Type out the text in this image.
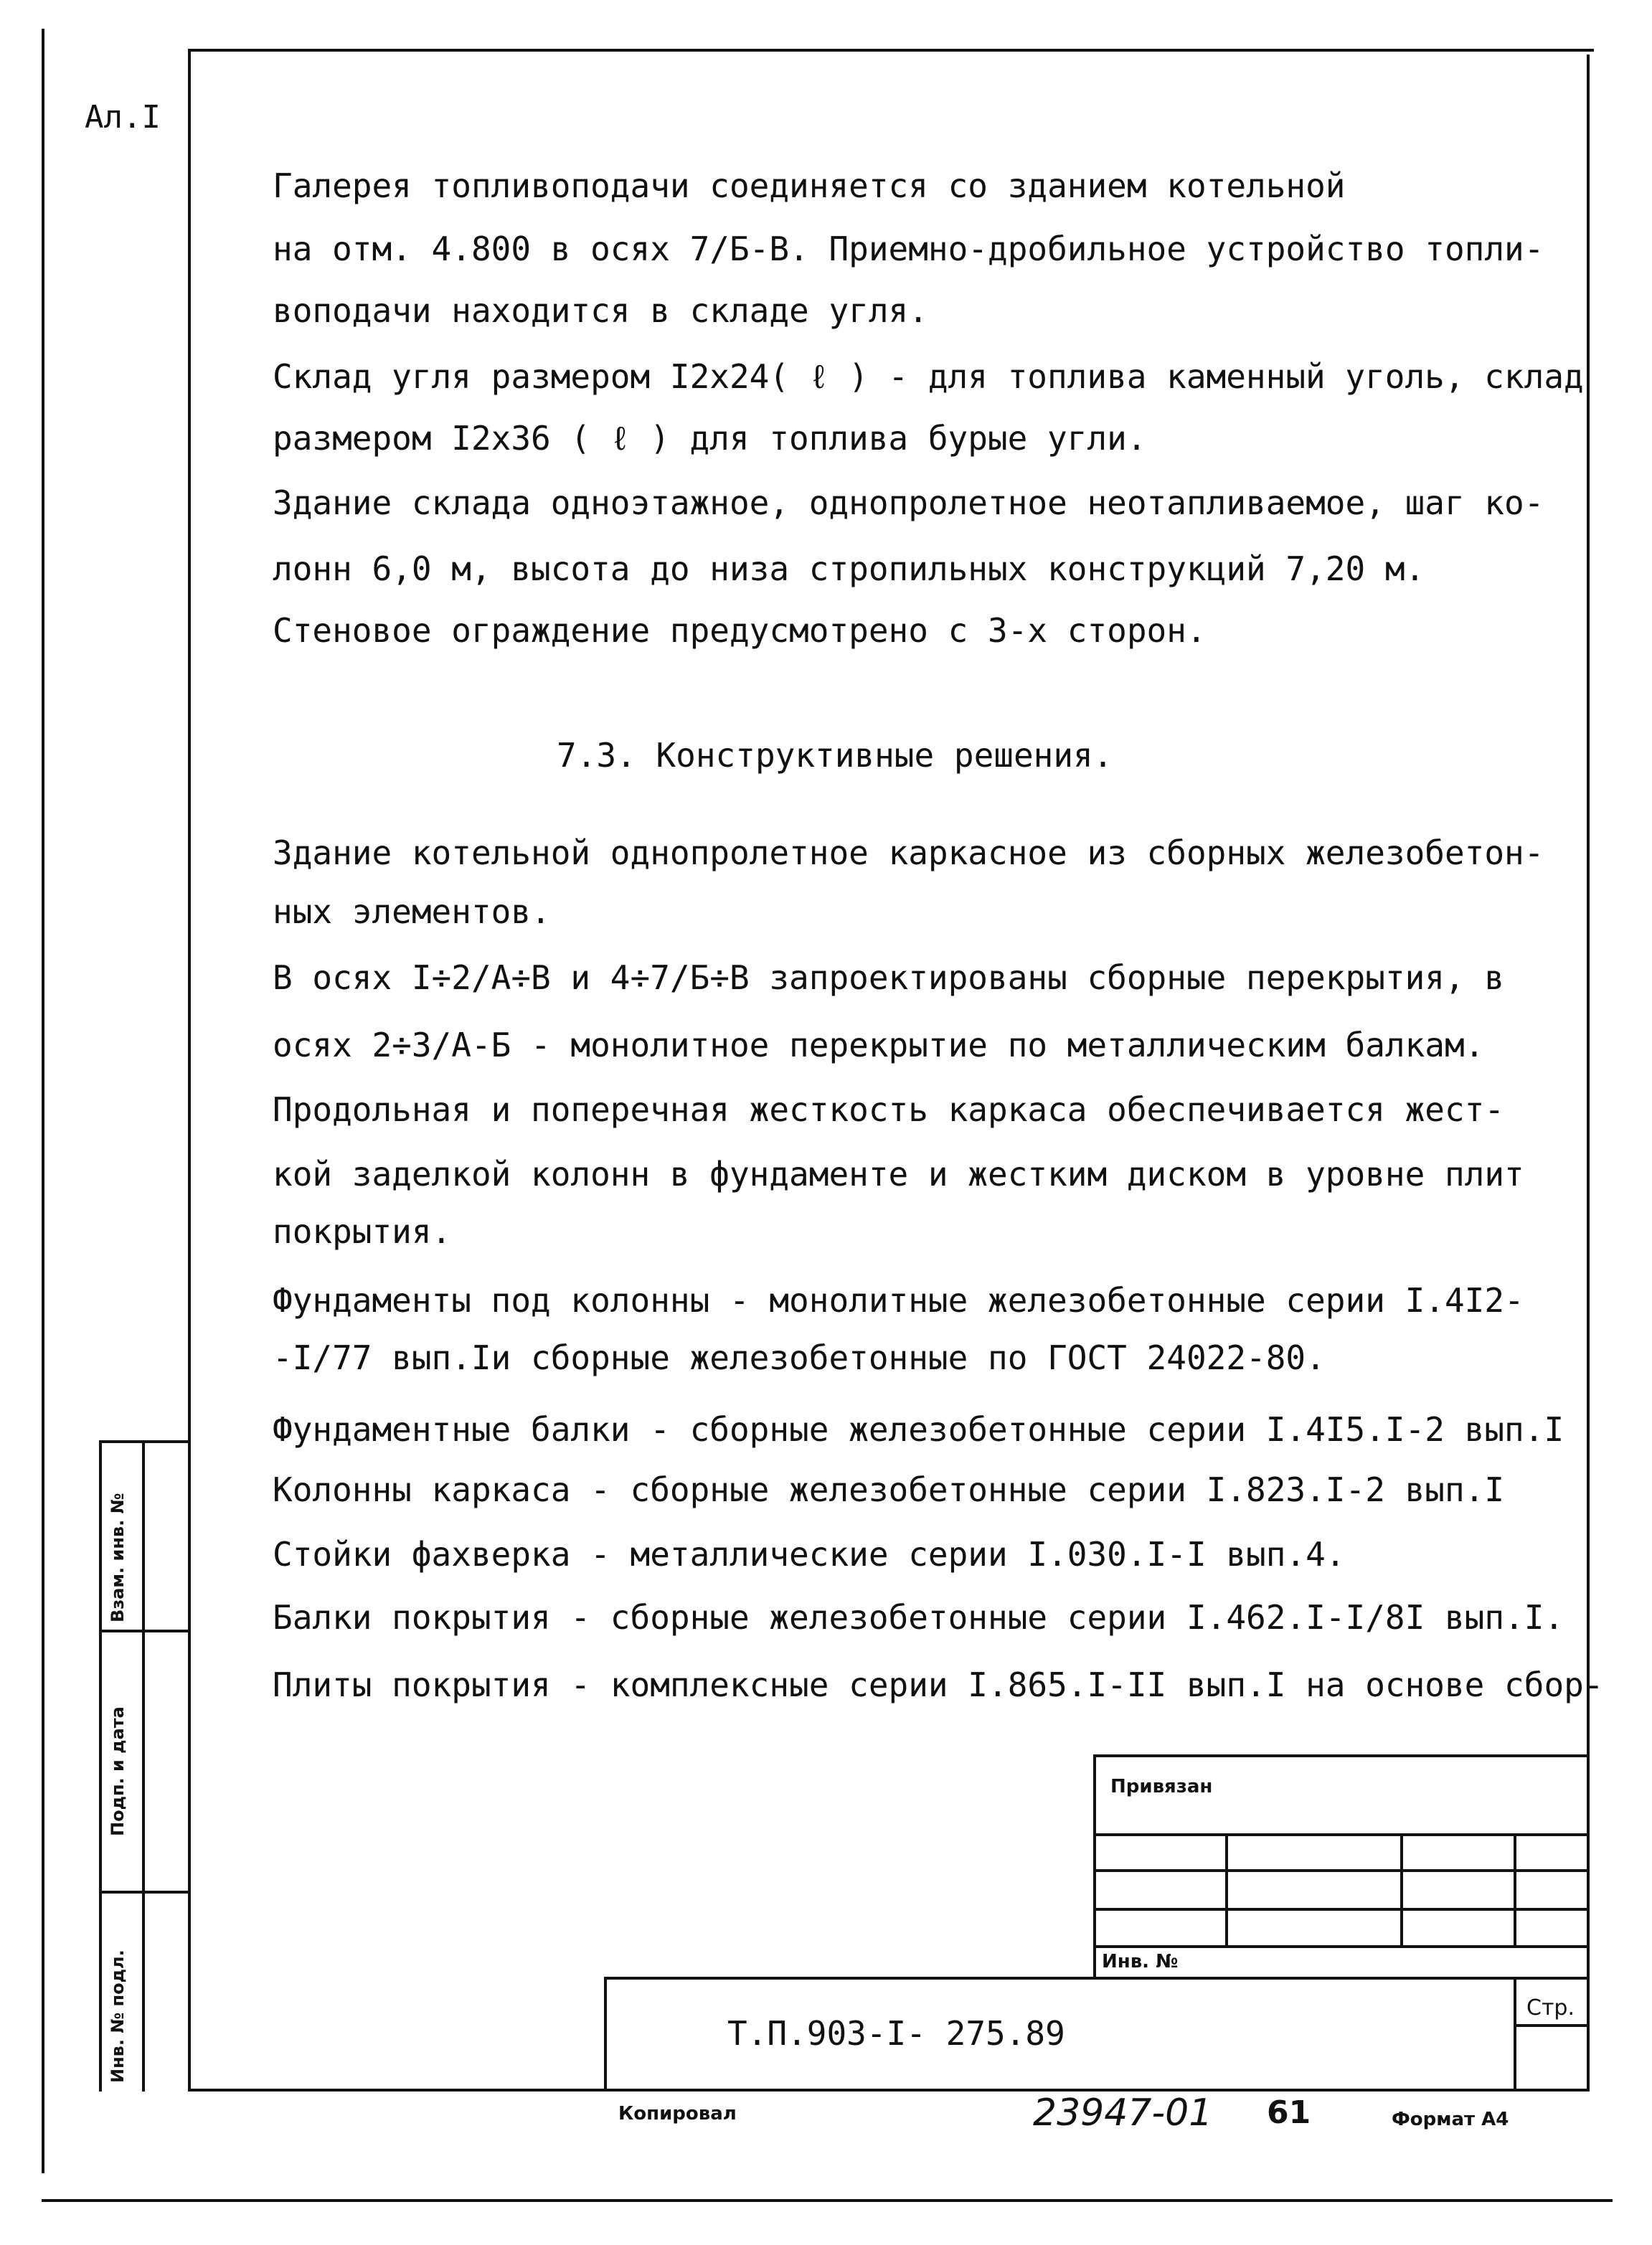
Ал.I
Галерея топливоподачи соединяется со зданием котельной
на отм. 4.800 в осях 7/Б-В. Приемно-дробильное устройство топли-
воподачи находится в складе угля.
Склад угля размером I2х24( ℓ ) - для топлива каменный уголь, склад
размером I2х36 ( ℓ ) для топлива бурые угли.
Здание склада одноэтажное, однопролетное неотапливаемое, шаг ко-
лонн 6,0 м, высота до низа стропильных конструкций 7,20 м.
Стеновое ограждение предусмотрено с 3-х сторон.
7.3. Конструктивные решения.
Здание котельной однопролетное каркасное из сборных железобетон-
ных элементов.
В осях I÷2/А÷В и 4÷7/Б÷В запроектированы сборные перекрытия, в
осях 2÷3/А-Б - монолитное перекрытие по металлическим балкам.
Продольная и поперечная жесткость каркаса обеспечивается жест-
кой заделкой колонн в фундаменте и жестким диском в уровне плит
покрытия.
Фундаменты под колонны - монолитные железобетонные серии I.4I2-
-I/77 вып.Iи сборные железобетонные по ГОСТ 24022-80.
Фундаментные балки - сборные железобетонные серии I.4I5.I-2 вып.I
Колонны каркаса - сборные железобетонные серии I.823.I-2 вып.I
Стойки фахверка - металлические серии I.030.I-I вып.4.
Балки покрытия - сборные железобетонные серии I.462.I-I/8I вып.I.
Плиты покрытия - комплексные серии I.865.I-II вып.I на основе сбор-
Взам. инв. №
Подп. и дата
Инв. № подл.
Привязан
Инв. №
Т.П.903-I- 275.89
Стр.
Копировал	23947-01 61	Формат А4
